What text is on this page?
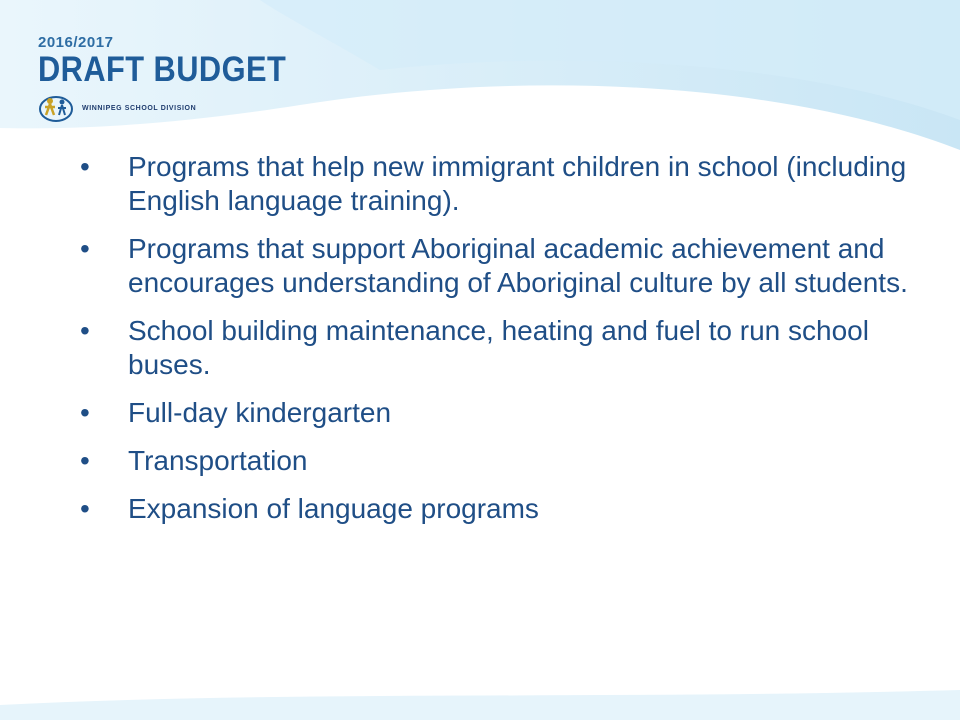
2016/2017
DRAFT BUDGET
WINNIPEG SCHOOL DIVISION
• Programs that help new immigrant children in school (including English language training).
• Programs that support Aboriginal academic achievement and encourages understanding of Aboriginal culture by all students.
• School building maintenance, heating and fuel to run school buses.
• Full-day kindergarten
• Transportation
• Expansion of language programs
